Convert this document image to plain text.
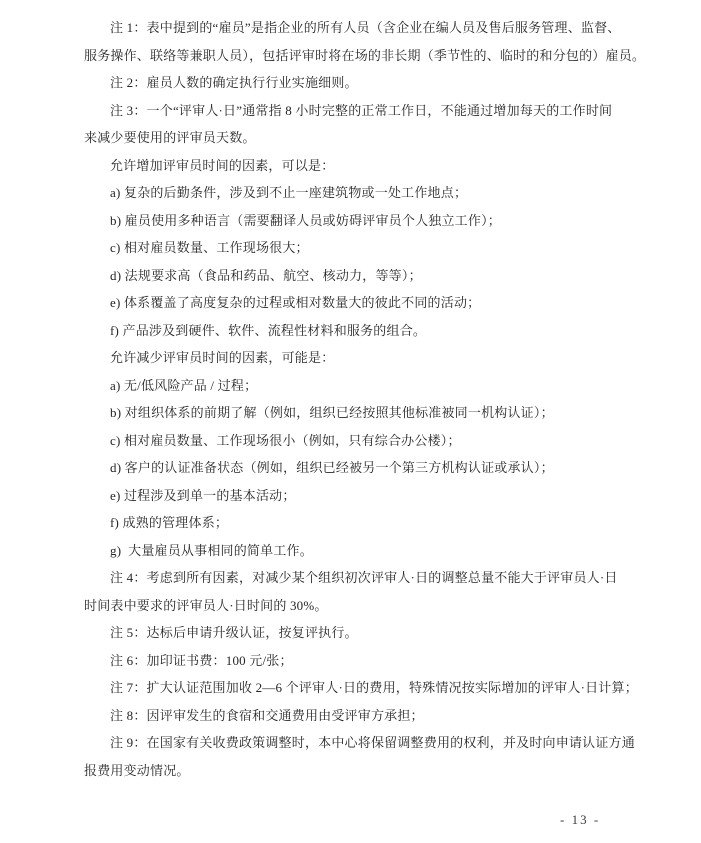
注 1：表中提到的“雇员”是指企业的所有人员（含企业在编人员及售后服务管理、监督、
服务操作、联络等兼职人员），包括评审时将在场的非长期（季节性的、临时的和分包的）雇员。
注 2：雇员人数的确定执行行业实施细则。
注 3：一个“评审人·日”通常指 8 小时完整的正常工作日，不能通过增加每天的工作时间
来减少要使用的评审员天数。
允许增加评审员时间的因素，可以是：
a) 复杂的后勤条件，涉及到不止一座建筑物或一处工作地点；
b) 雇员使用多种语言（需要翻译人员或妨碍评审员个人独立工作）；
c) 相对雇员数量、工作现场很大；
d) 法规要求高（食品和药品、航空、核动力，等等）；
e) 体系覆盖了高度复杂的过程或相对数量大的彼此不同的活动；
f) 产品涉及到硬件、软件、流程性材料和服务的组合。
允许减少评审员时间的因素，可能是：
a) 无/低风险产品 / 过程；
b) 对组织体系的前期了解（例如，组织已经按照其他标准被同一机构认证）；
c) 相对雇员数量、工作现场很小（例如，只有综合办公楼）；
d) 客户的认证准备状态（例如，组织已经被另一个第三方机构认证或承认）；
e) 过程涉及到单一的基本活动；
f) 成熟的管理体系；
g)  大量雇员从事相同的简单工作。
注 4：考虑到所有因素，对减少某个组织初次评审人·日的调整总量不能大于评审员人·日
时间表中要求的评审员人·日时间的 30%。
注 5：达标后申请升级认证，按复评执行。
注 6：加印证书费：100 元/张；
注 7：扩大认证范围加收 2—6 个评审人·日的费用，特殊情况按实际增加的评审人·日计算；
注 8：因评审发生的食宿和交通费用由受评审方承担；
注 9：在国家有关收费政策调整时，本中心将保留调整费用的权利，并及时向申请认证方通
报费用变动情况。
- 13 -
